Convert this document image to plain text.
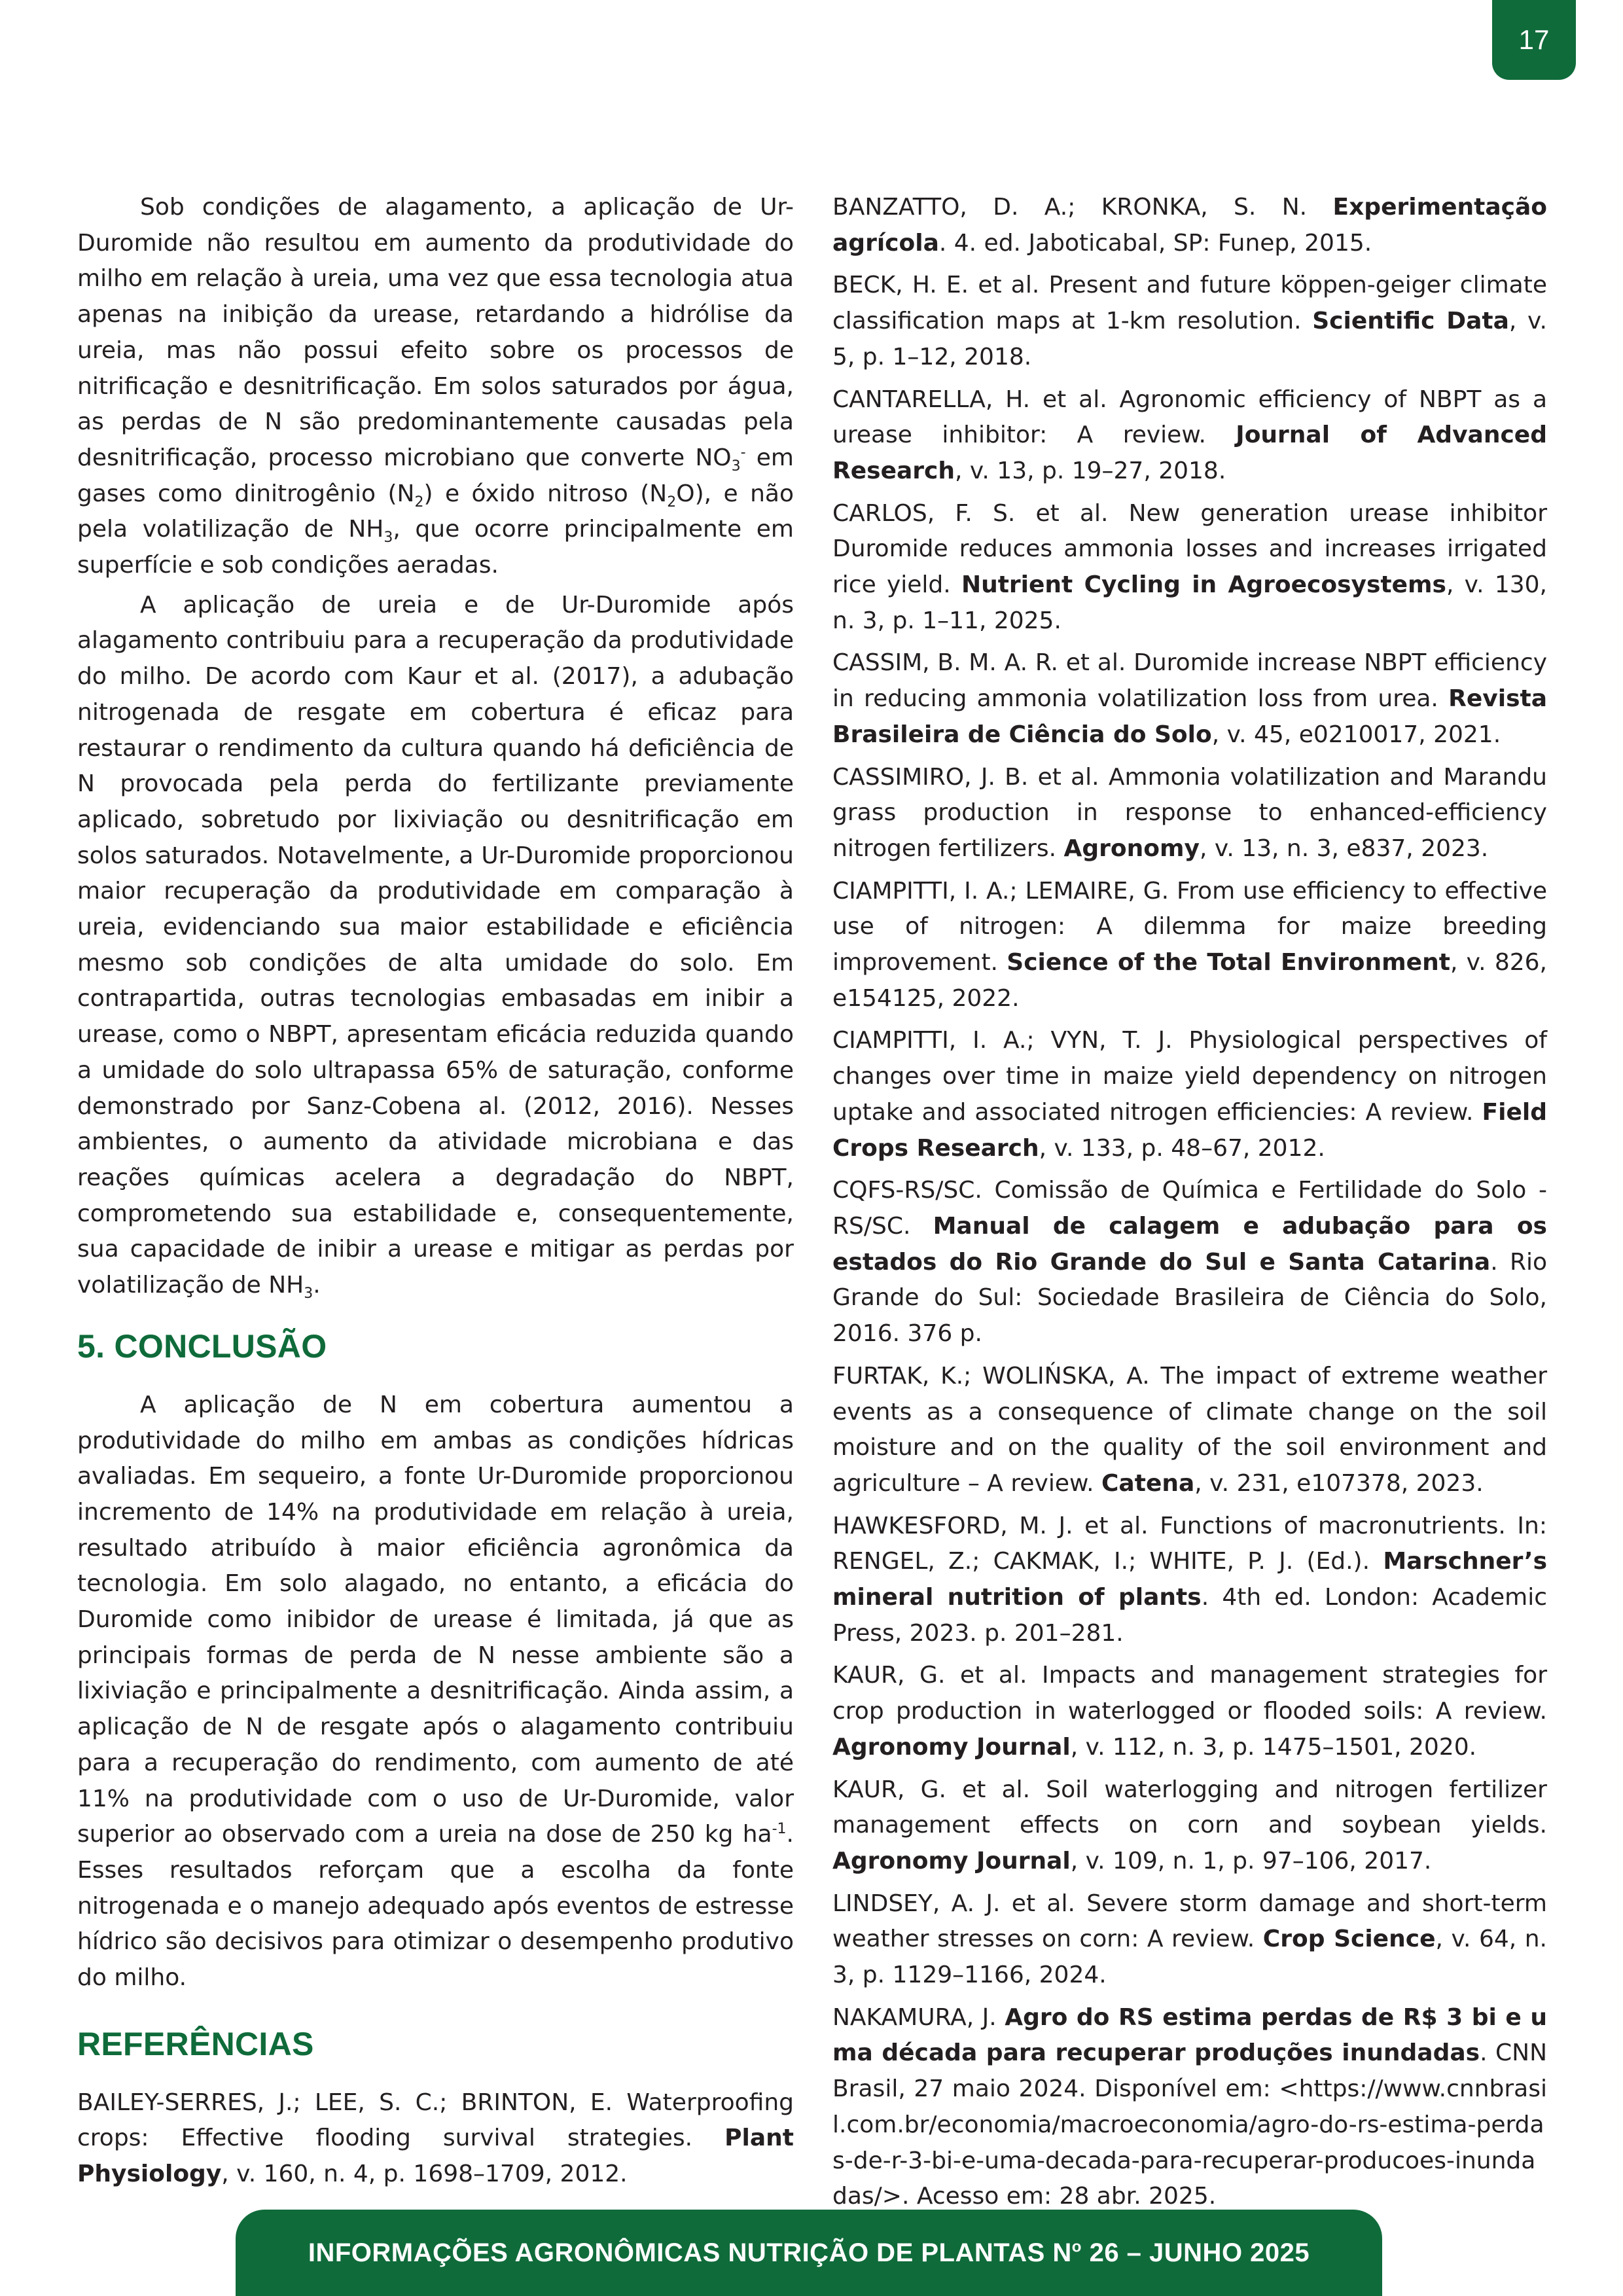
17

Sob condições de alagamento, a aplicação de Ur-Duromide não resultou em aumento da produtividade do milho em relação à ureia, uma vez que essa tecnologia atua apenas na inibição da urease, retardando a hidrólise da ureia, mas não possui efeito sobre os processos de nitrificação e desnitrificação. Em solos saturados por água, as perdas de N são predominantemente causadas pela desnitrificação, processo microbiano que converte $NO_3^-$ em gases como dinitrogênio $(N_2)$ e óxido nitroso $(N_2O)$, e não pela volatilização de $NH_3$, que ocorre principalmente em superfície e sob condições aeradas.

A aplicação de ureia e de Ur-Duromide após alagamento contribuiu para a recuperação da produtividade do milho. De acordo com Kaur et al. (2017), a adubação nitrogenada de resgate em cobertura é eficaz para restaurar o rendimento da cultura quando há deficiência de N provocada pela perda do fertilizante previamente aplicado, sobretudo por lixiviação ou desnitrificação em solos saturados. Notavelmente, a Ur-Duromide proporcionou maior recuperação da produtividade em comparação à ureia, evidenciando sua maior estabilidade e eficiência mesmo sob condições de alta umidade do solo. Em contrapartida, outras tecnologias embasadas em inibir a urease, como o NBPT, apresentam eficácia reduzida quando a umidade do solo ultrapassa 65% de saturação, conforme demonstrado por Sanz-Cobena al. (2012, 2016). Nesses ambientes, o aumento da atividade microbiana e das reações químicas acelera a degradação do NBPT, comprometendo sua estabilidade e, consequentemente, sua capacidade de inibir a urease e mitigar as perdas por volatilização de $NH_3$.

5. CONCLUSÃO

A aplicação de N em cobertura aumentou a produtividade do milho em ambas as condições hídricas avaliadas. Em sequeiro, a fonte Ur-Duromide proporcionou incremento de 14% na produtividade em relação à ureia, resultado atribuído à maior eficiência agronômica da tecnologia. Em solo alagado, no entanto, a eficácia do Duromide como inibidor de urease é limitada, já que as principais formas de perda de N nesse ambiente são a lixiviação e principalmente a desnitrificação. Ainda assim, a aplicação de N de resgate após o alagamento contribuiu para a recuperação do rendimento, com aumento de até 11% na produtividade com o uso de Ur-Duromide, valor superior ao observado com a ureia na dose de 250 kg $ha^{-1}$. Esses resultados reforçam que a escolha da fonte nitrogenada e o manejo adequado após eventos de estresse hídrico são decisivos para otimizar o desempenho produtivo do milho.

REFERÊNCIAS

BAILEY-SERRES, J.; LEE, S. C.; BRINTON, E. Waterproofing crops: Effective flooding survival strategies. Plant Physiology, v. 160, n. 4, p. 1698–1709, 2012.

BANZATTO, D. A.; KRONKA, S. N. Experimentação agrícola. 4. ed. Jaboticabal, SP: Funep, 2015.

BECK, H. E. et al. Present and future köppen-geiger climate classification maps at 1-km resolution. Scientific Data, v. 5, p. 1–12, 2018.

CANTARELLA, H. et al. Agronomic efficiency of NBPT as a urease inhibitor: A review. Journal of Advanced Research, v. 13, p. 19–27, 2018.

CARLOS, F. S. et al. New generation urease inhibitor Duromide reduces ammonia losses and increases irrigated rice yield. Nutrient Cycling in Agroecosystems, v. 130, n. 3, p. 1–11, 2025.

CASSIM, B. M. A. R. et al. Duromide increase NBPT efficiency in reducing ammonia volatilization loss from urea. Revista Brasileira de Ciência do Solo, v. 45, e0210017, 2021.

CASSIMIRO, J. B. et al. Ammonia volatilization and Marandu grass production in response to enhanced-efficiency nitrogen fertilizers. Agronomy, v. 13, n. 3, e837, 2023.

CIAMPITTI, I. A.; LEMAIRE, G. From use efficiency to effective use of nitrogen: A dilemma for maize breeding improvement. Science of the Total Environment, v. 826, e154125, 2022.

CIAMPITTI, I. A.; VYN, T. J. Physiological perspectives of changes over time in maize yield dependency on nitrogen uptake and associated nitrogen efficiencies: A review. Field Crops Research, v. 133, p. 48–67, 2012.

CQFS-RS/SC. Comissão de Química e Fertilidade do Solo - RS/SC. Manual de calagem e adubação para os estados do Rio Grande do Sul e Santa Catarina. Rio Grande do Sul: Sociedade Brasileira de Ciência do Solo, 2016. 376 p.

FURTAK, K.; WOLIŃSKA, A. The impact of extreme weather events as a consequence of climate change on the soil moisture and on the quality of the soil environment and agriculture – A review. Catena, v. 231, e107378, 2023.

HAWKESFORD, M. J. et al. Functions of macronutrients. In: RENGEL, Z.; CAKMAK, I.; WHITE, P. J. (Ed.). Marschner’s mineral nutrition of plants. 4th ed. London: Academic Press, 2023. p. 201–281.

KAUR, G. et al. Impacts and management strategies for crop production in waterlogged or flooded soils: A review. Agronomy Journal, v. 112, n. 3, p. 1475–1501, 2020.

KAUR, G. et al. Soil waterlogging and nitrogen fertilizer management effects on corn and soybean yields. Agronomy Journal, v. 109, n. 1, p. 97–106, 2017.

LINDSEY, A. J. et al. Severe storm damage and short-term weather stresses on corn: A review. Crop Science, v. 64, n. 3, p. 1129–1166, 2024.

NAKAMURA, J. Agro do RS estima perdas de R$ 3 bi e uma década para recuperar produções inundadas. CNN Brasil, 27 maio 2024. Disponível em: <https://www.cnnbrasil.com.br/economia/macroeconomia/agro-do-rs-estima-perdas-de-r-3-bi-e-uma-decada-para-recuperar-producoes-inundadas/>. Acesso em: 28 abr. 2025.

INFORMAÇÕES AGRONÔMICAS NUTRIÇÃO DE PLANTAS $N^o$ 26 – JUNHO 2025
